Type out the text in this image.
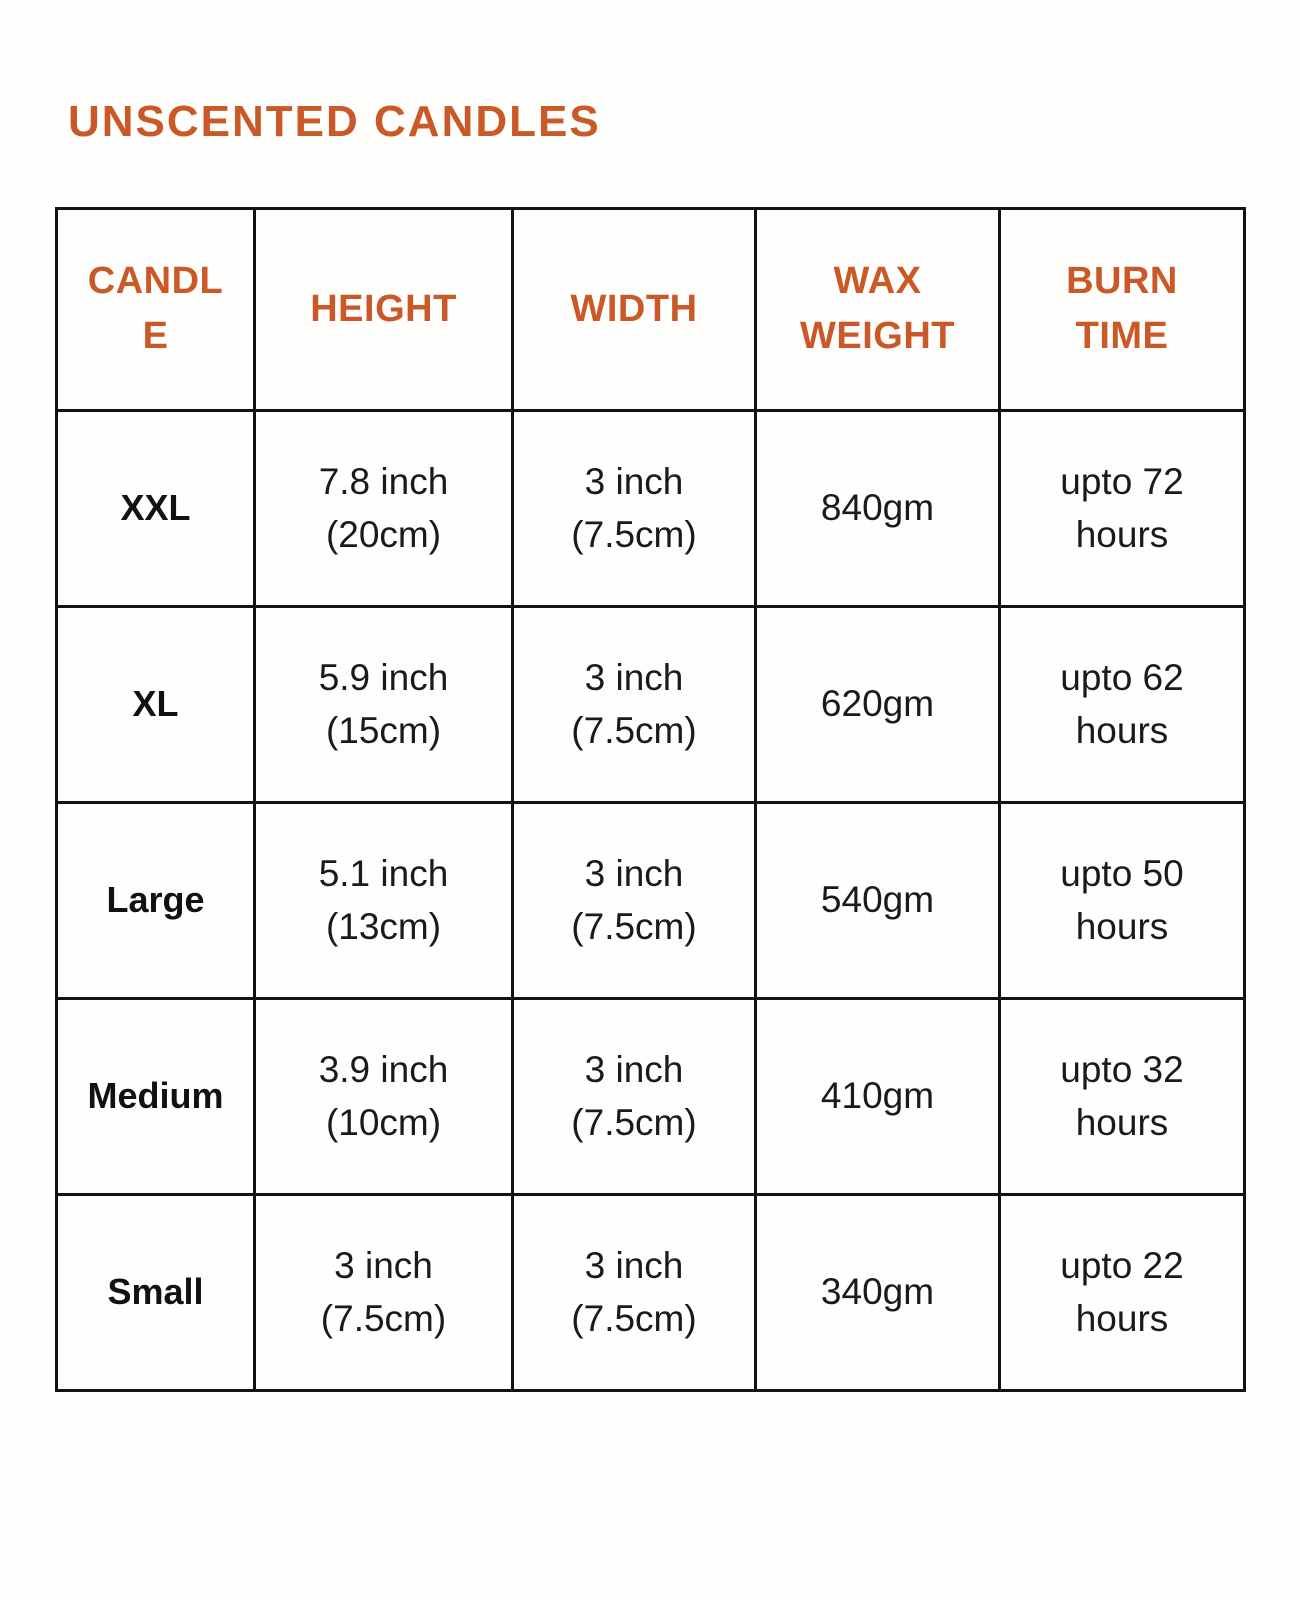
UNSCENTED CANDLES
CANDLE	HEIGHT	WIDTH	WAX WEIGHT	BURN TIME
XXL	7.8 inch (20cm)	3 inch (7.5cm)	840gm	upto 72 hours
XL	5.9 inch (15cm)	3 inch (7.5cm)	620gm	upto 62 hours
Large	5.1 inch (13cm)	3 inch (7.5cm)	540gm	upto 50 hours
Medium	3.9 inch (10cm)	3 inch (7.5cm)	410gm	upto 32 hours
Small	3 inch (7.5cm)	3 inch (7.5cm)	340gm	upto 22 hours
